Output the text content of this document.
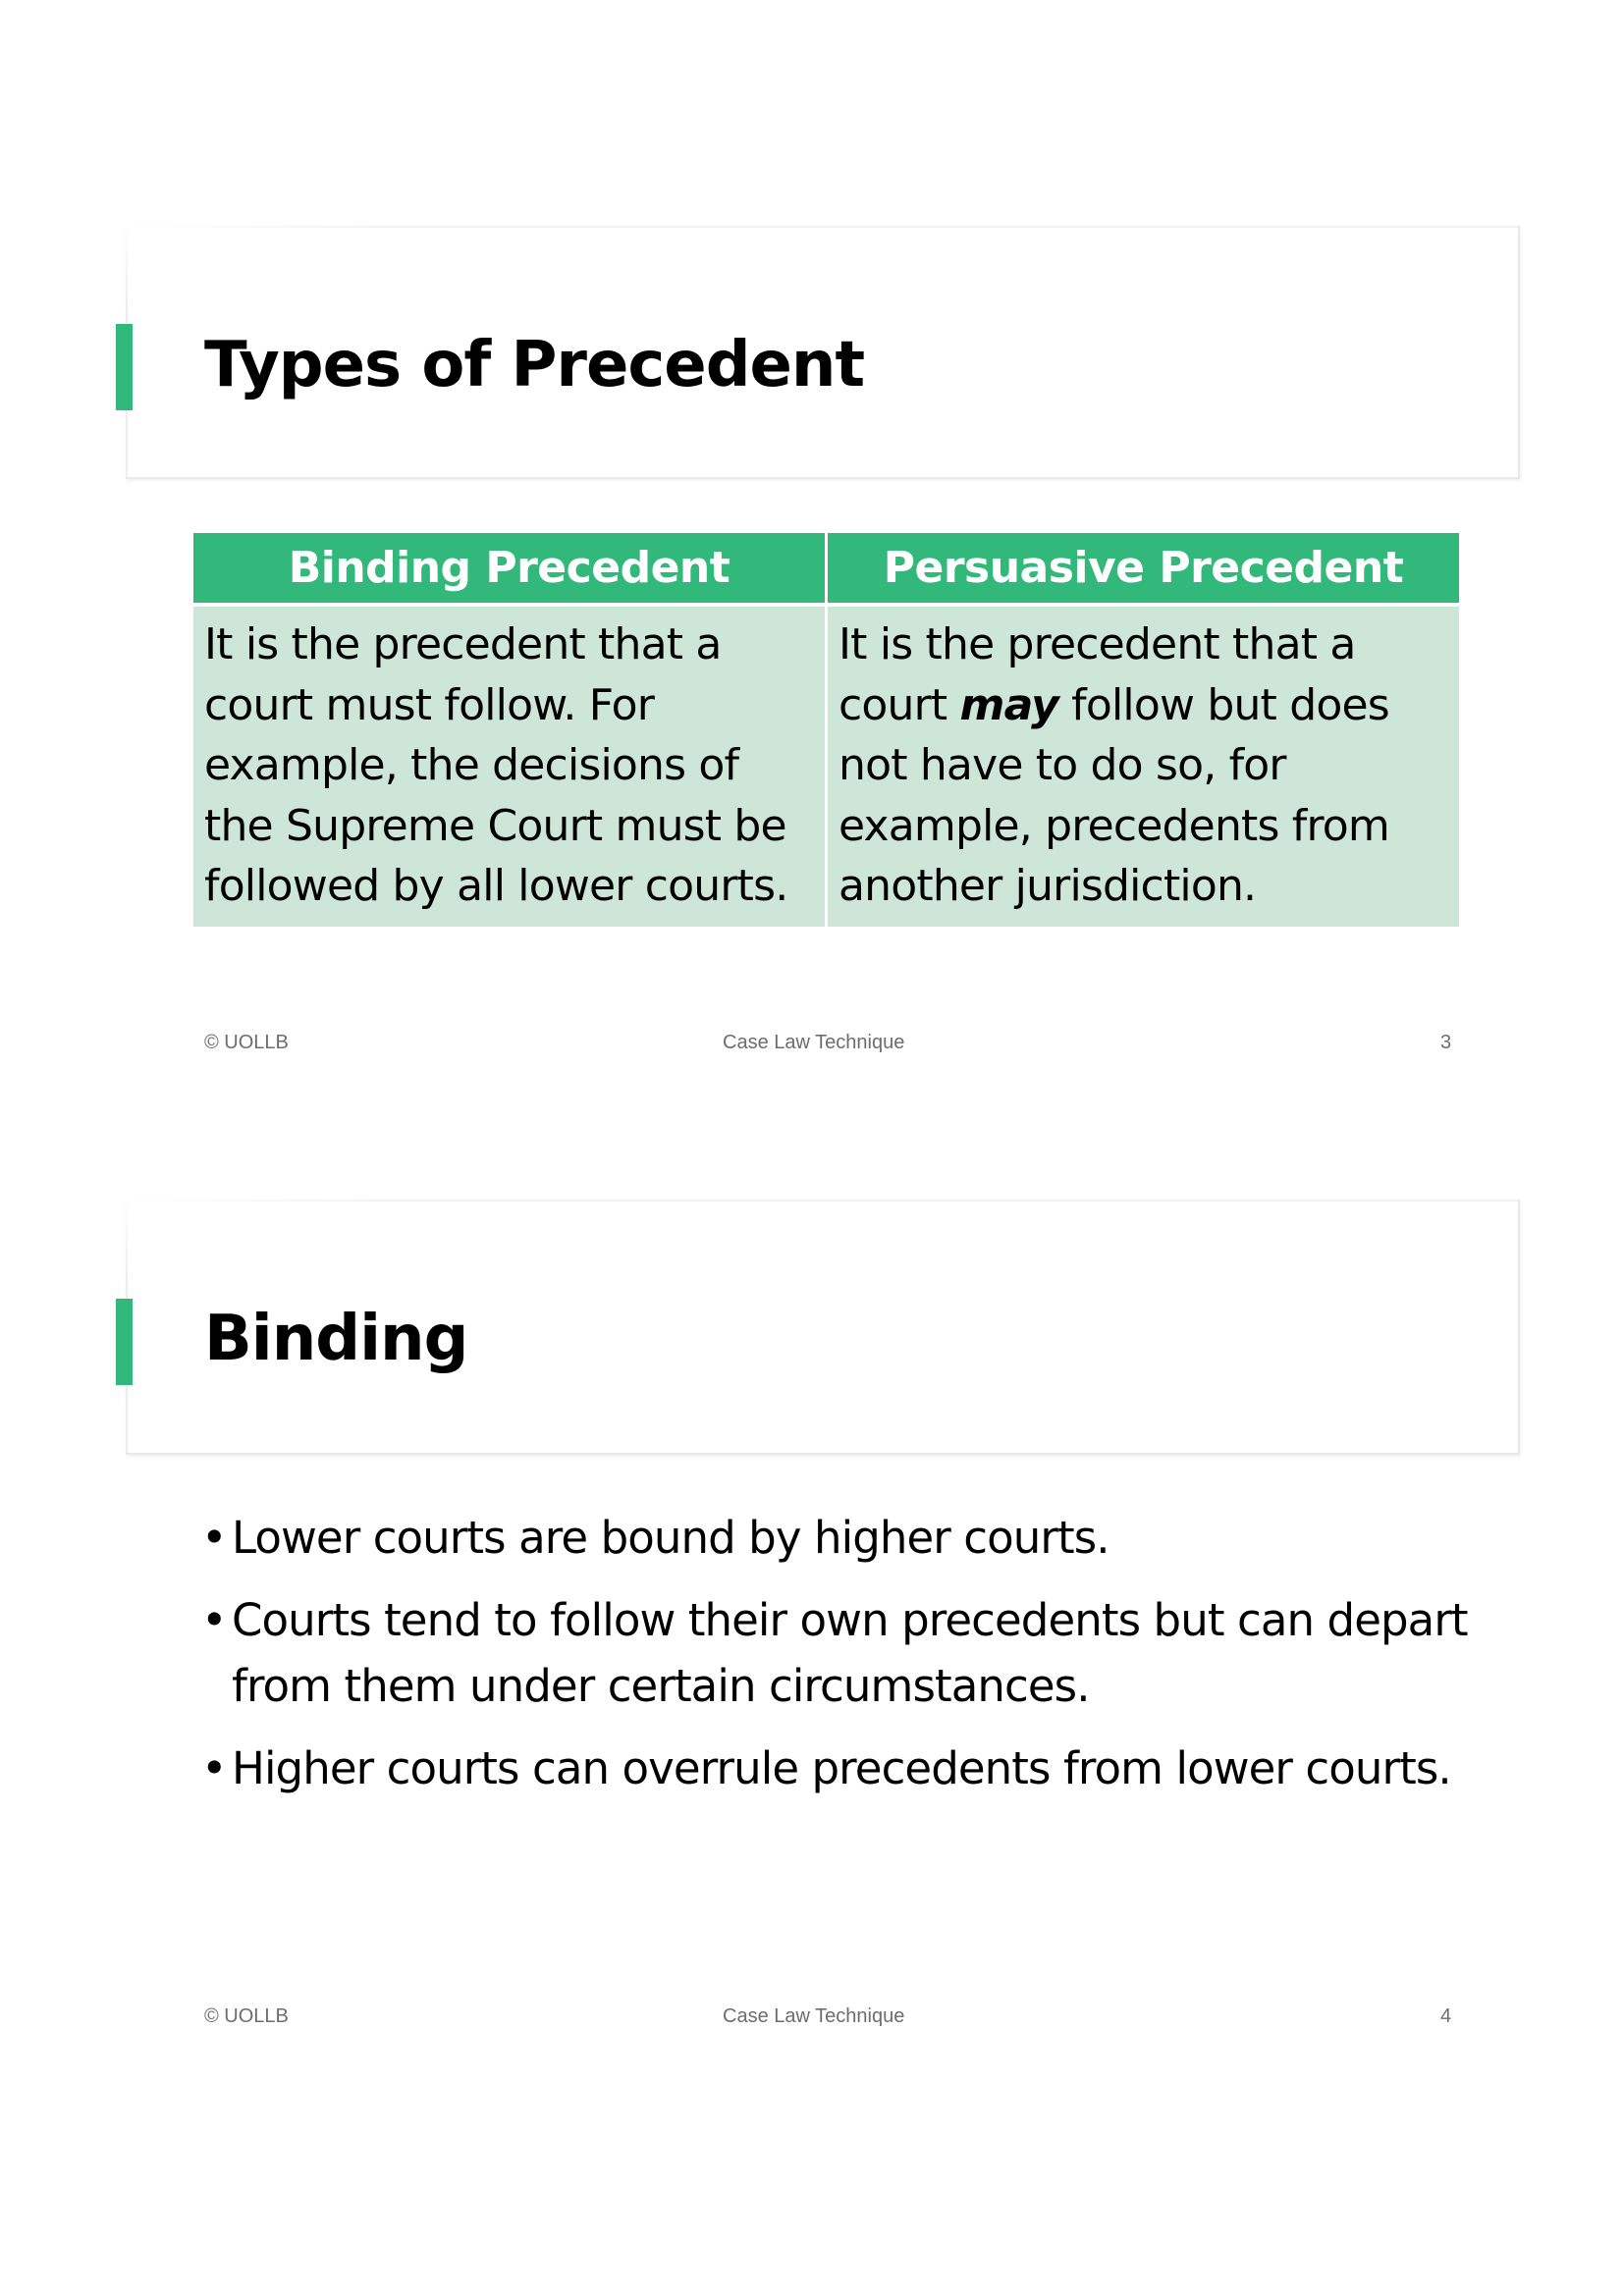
Types of Precedent
Binding Precedent	Persuasive Precedent
It is the precedent that a court must follow. For example, the decisions of the Supreme Court must be followed by all lower courts.	It is the precedent that a court may follow but does not have to do so, for example, precedents from another jurisdiction.
© UOLLB	Case Law Technique	3
Binding
• Lower courts are bound by higher courts.
• Courts tend to follow their own precedents but can depart from them under certain circumstances.
• Higher courts can overrule precedents from lower courts.
© UOLLB	Case Law Technique	4
